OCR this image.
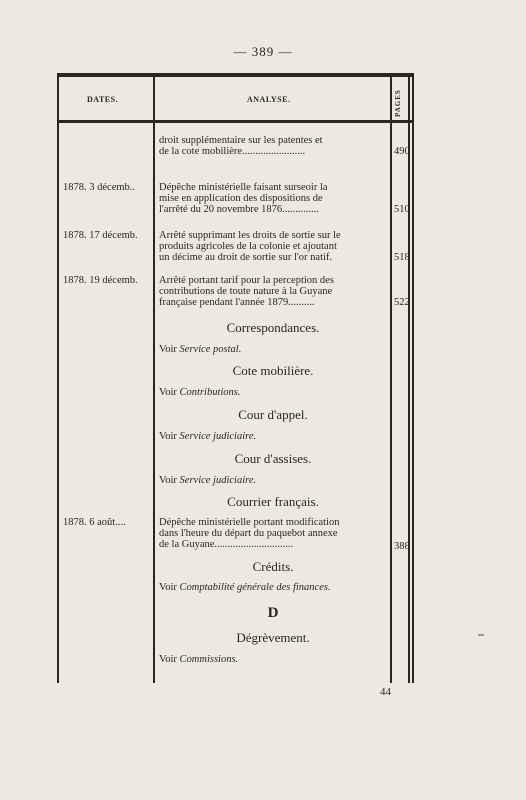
— 389 —
DATES.	ANALYSE.	PAGES
droit supplémentaire sur les patentes et
de la cote mobilière........................	490
1878. 3 décemb..	Dépêche ministérielle faisant surseoir la
mise en application des dispositions de
l'arrêté du 20 novembre 1876..............	510
1878. 17 décemb.	Arrêté supprimant les droits de sortie sur le
produits agricoles de la colonie et ajoutant
un décime au droit de sortie sur l'or natif.	518
1878. 19 décemb.	Arrêté portant tarif pour la perception des
contributions de toute nature à la Guyane
française pendant l'année 1879..........	522
Correspondances.
Voir Service postal.
Cote mobilière.
Voir Contributions.
Cour d'appel.
Voir Service judiciaire.
Cour d'assises.
Voir Service judiciaire.
Courrier français.
1878. 6 août....	Dépêche ministérielle portant modification
dans l'heure du départ du paquebot annexe
de la Guyane..............................	388
Crédits.
Voir Comptabilité générale des finances.
D
Dégrèvement.
Voir Commissions.
44
